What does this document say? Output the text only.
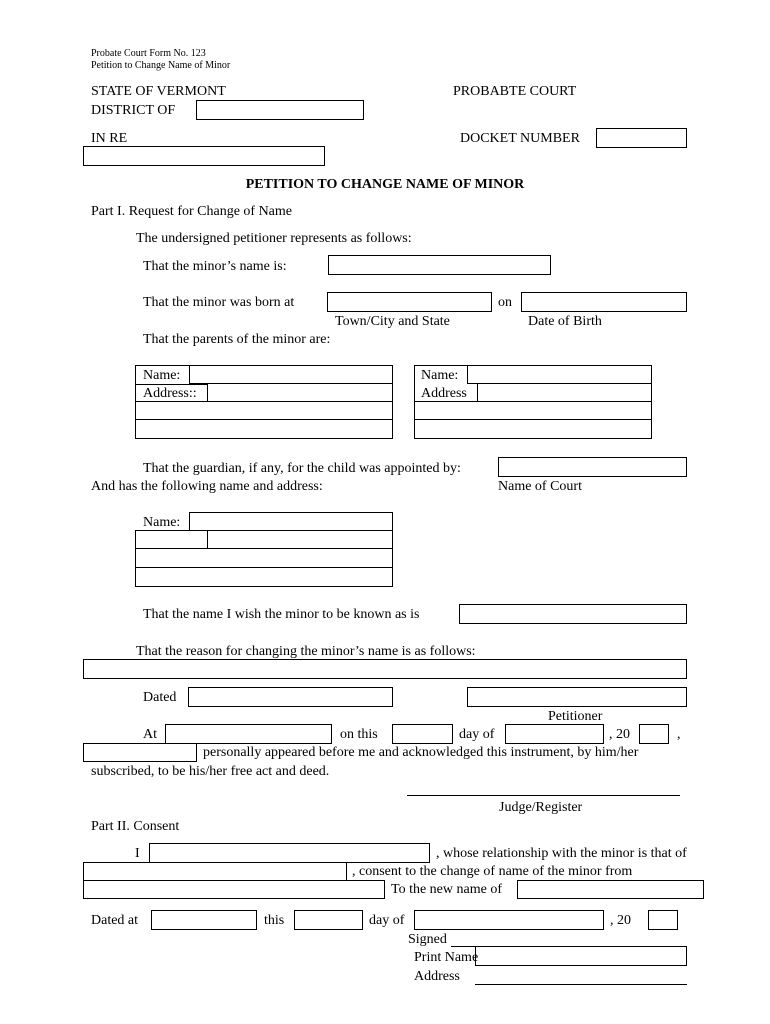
Probate Court Form No. 123
Petition to Change Name of Minor
STATE OF VERMONT	PROBABTE COURT
DISTRICT OF
IN RE	DOCKET NUMBER
PETITION TO CHANGE NAME OF MINOR
Part I. Request for Change of Name
The undersigned petitioner represents as follows:
That the minor’s name is:
That the minor was born at	on
Town/City and State	Date of Birth
That the parents of the minor are:
Name:
Address::
Name:
Address
That the guardian, if any, for the child was appointed by:
And has the following name and address:	Name of Court
Name:
That the name I wish the minor to be known as is
That the reason for changing the minor’s name is as follows:
Dated
Petitioner
At	on this	day of	, 20	,
personally appeared before me and acknowledged this instrument, by him/her
subscribed, to be his/her free act and deed.
Judge/Register
Part II. Consent
I	, whose relationship with the minor is that of
, consent to the change of name of the minor from
To the new name of
Dated at	this	day of	, 20
Signed
Print Name
Address
